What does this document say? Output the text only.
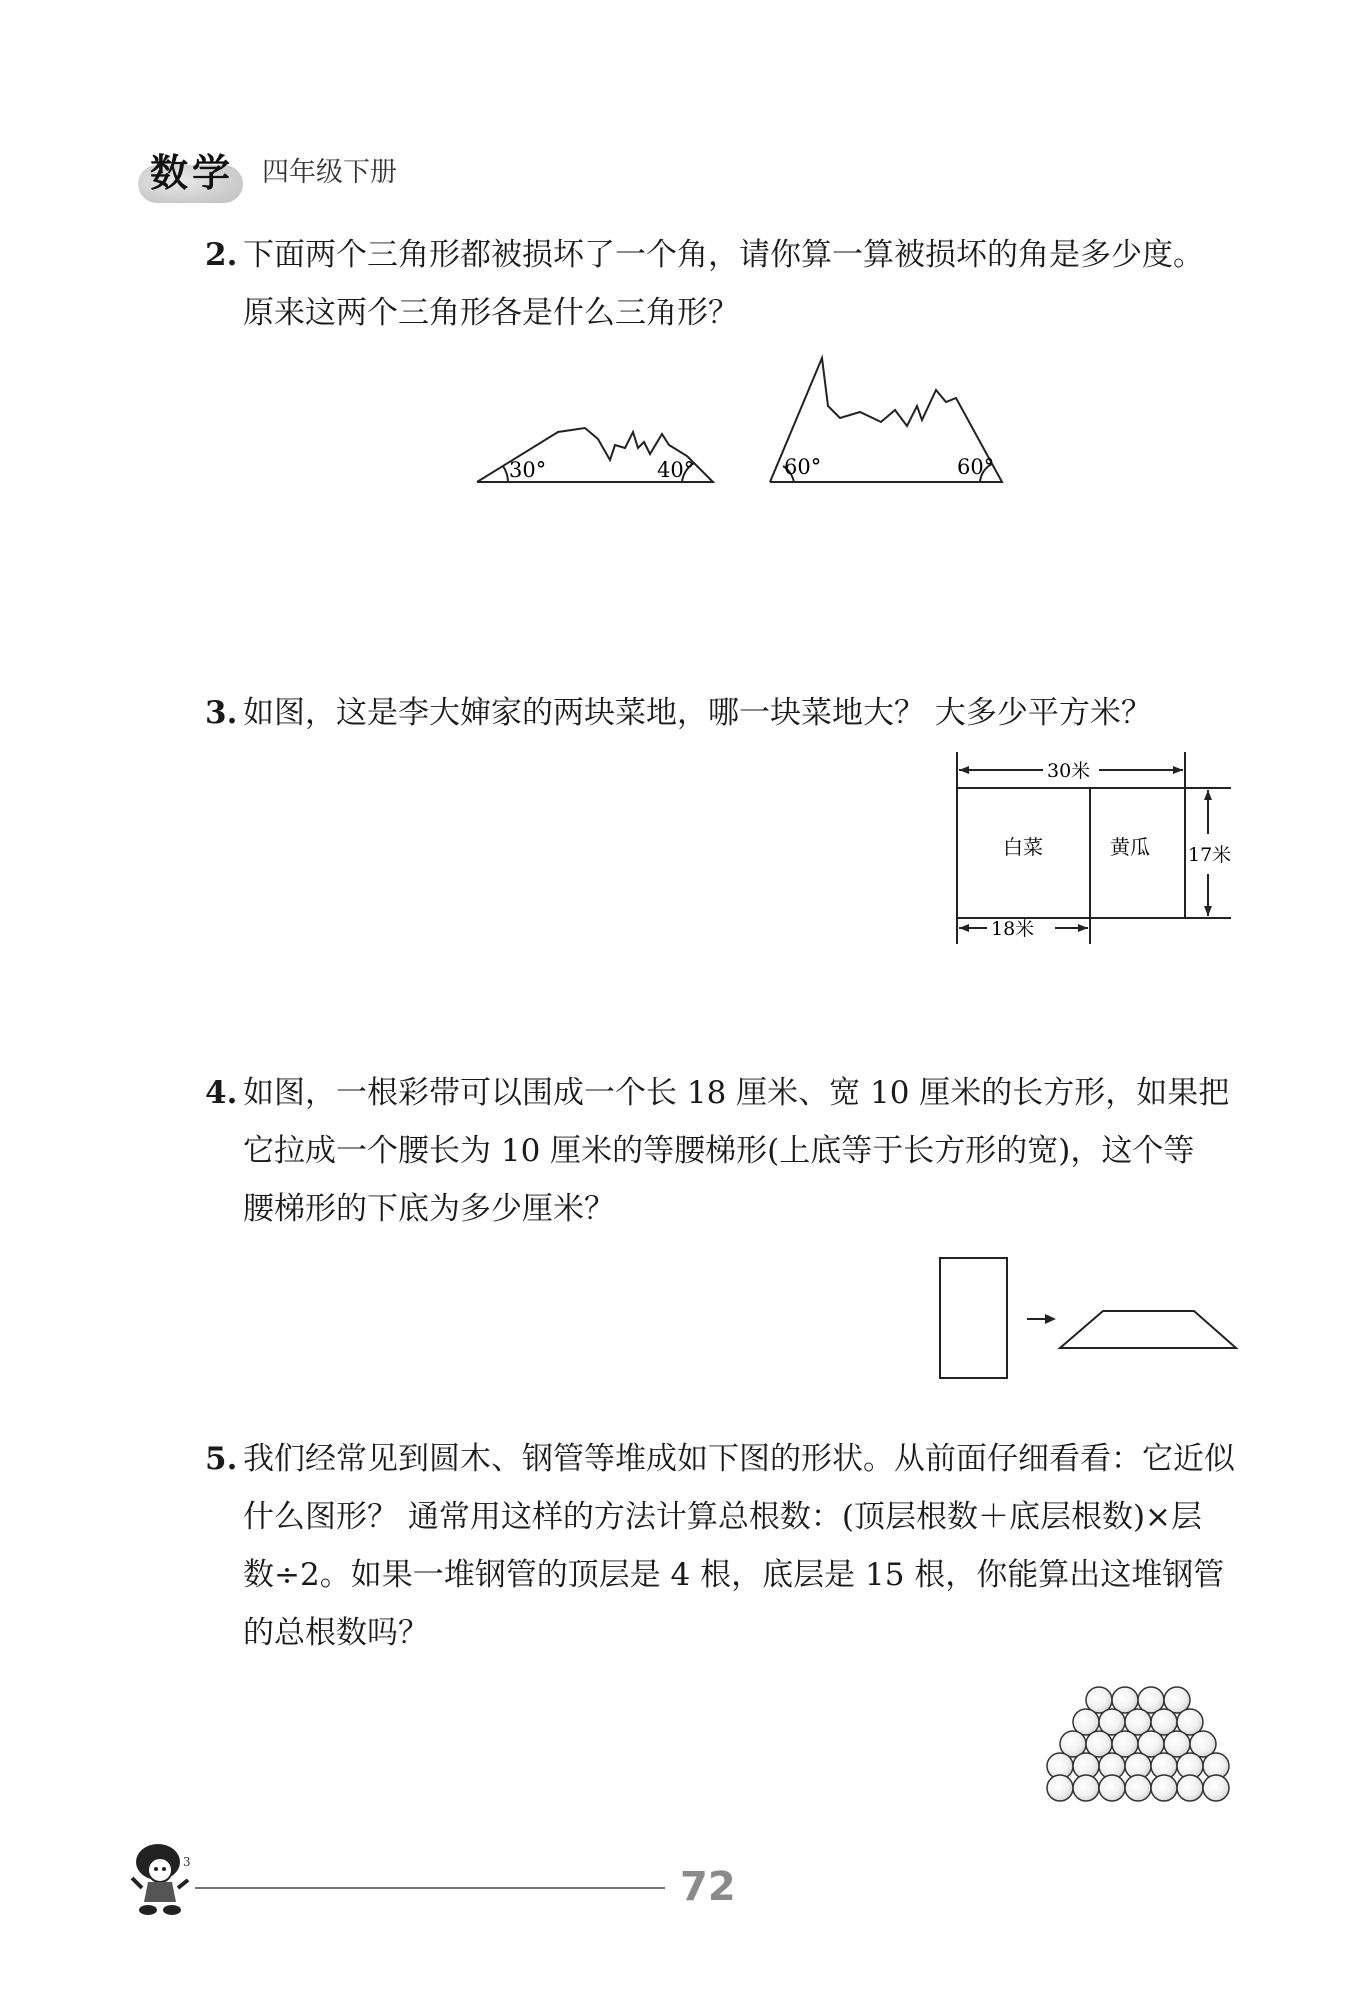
数学 四年级下册
2. 下面两个三角形都被损坏了一个角，请你算一算被损坏的角是多少度。
原来这两个三角形各是什么三角形？
30°	40°	60°	60°
3. 如图，这是李大婶家的两块菜地，哪一块菜地大？ 大多少平方米？
30米
17米
18米
白菜	黄瓜
4. 如图，一根彩带可以围成一个长 18 厘米、宽 10 厘米的长方形，如果把
它拉成一个腰长为 10 厘米的等腰梯形(上底等于长方形的宽)，这个等
腰梯形的下底为多少厘米？
5. 我们经常见到圆木、钢管等堆成如下图的形状。从前面仔细看看：它近似
什么图形？ 通常用这样的方法计算总根数：(顶层根数＋底层根数)×层
数÷2。如果一堆钢管的顶层是 4 根，底层是 15 根，你能算出这堆钢管
的总根数吗？
3
72
